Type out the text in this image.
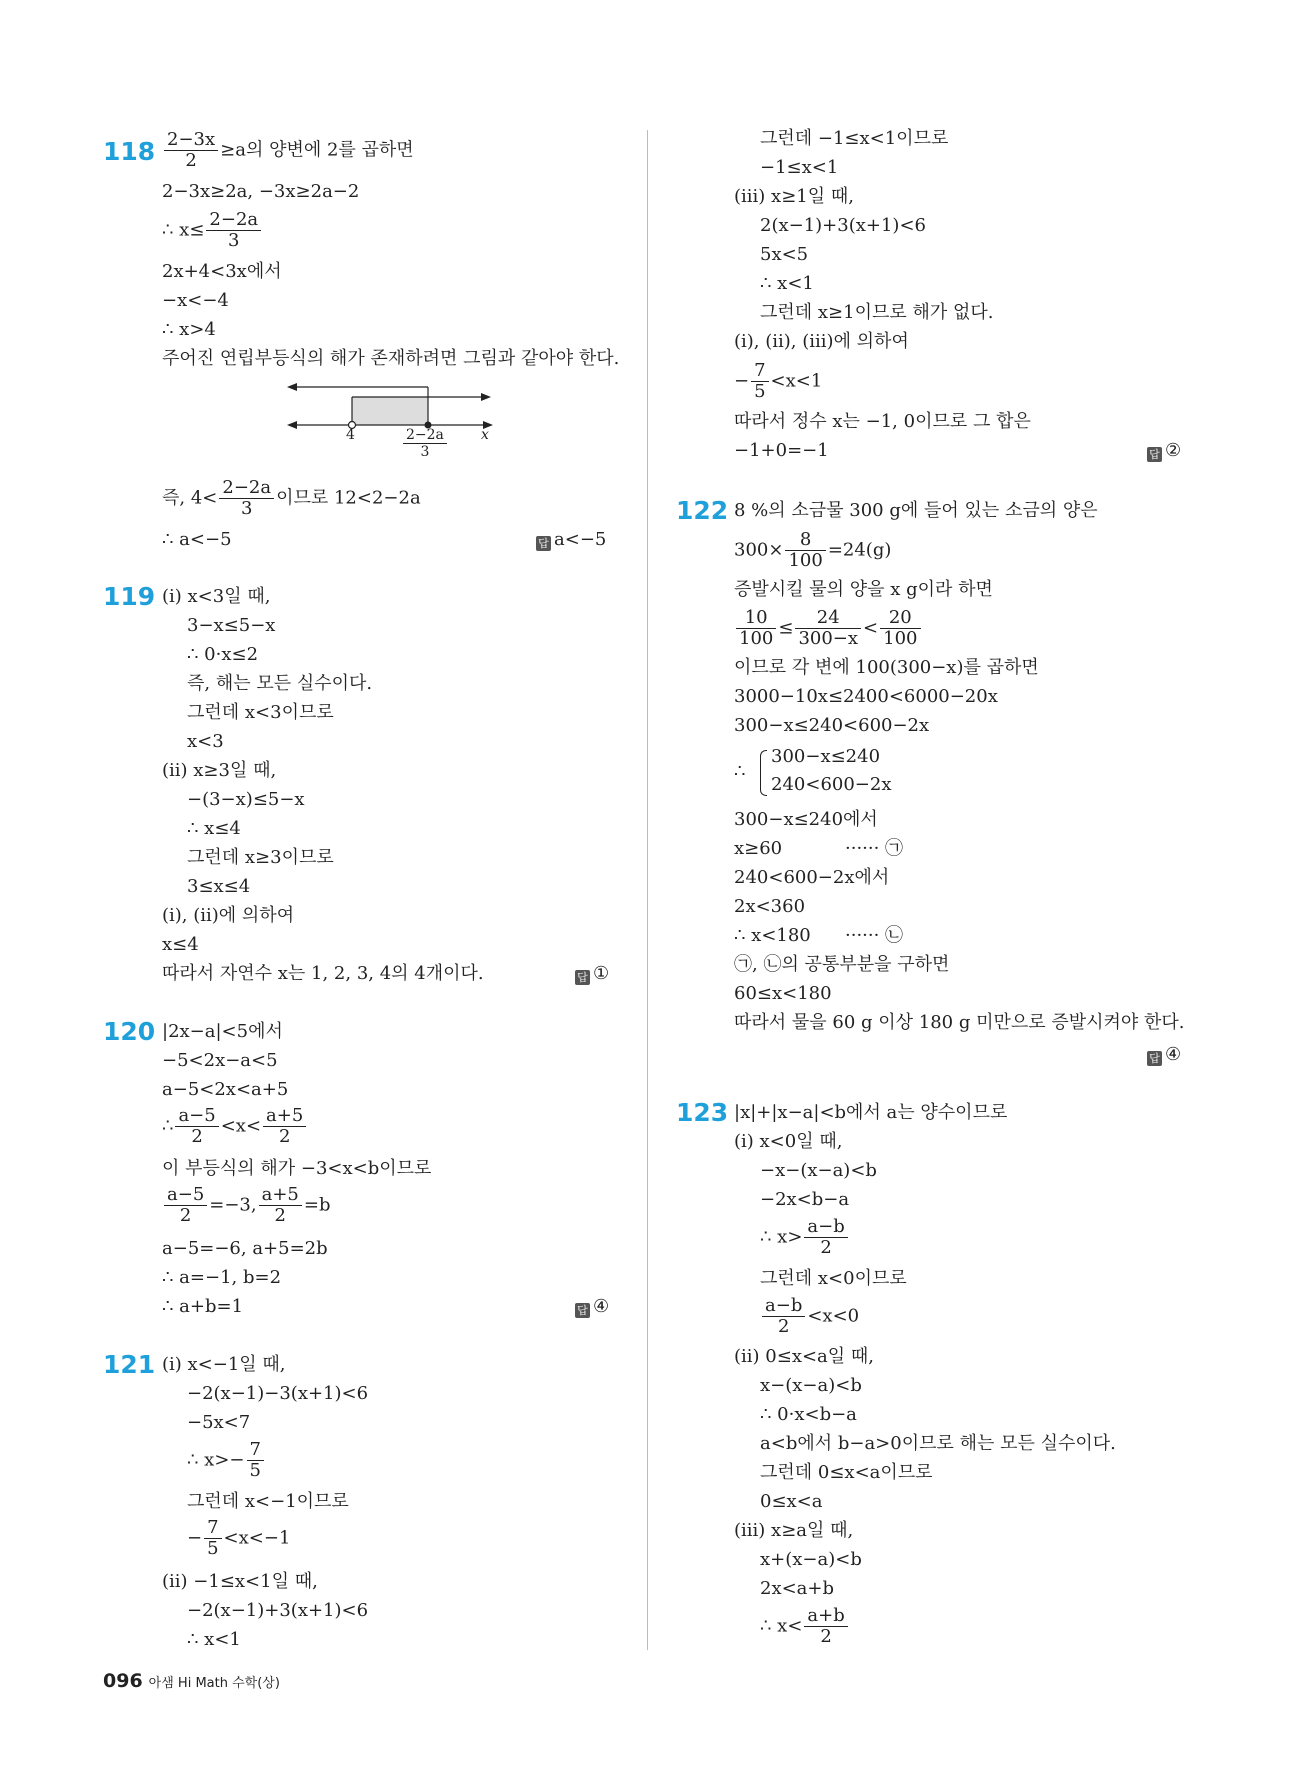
$118 \frac{2-3x}{2} \ge a$의 양변에 2를 곱하면
2−3x≥2a, −3x≥2a−2
∴ $x\le \frac{2-2a}{3}$
2x+4<3x에서
−x<−4
∴ x>4
주어진 연립부등식의 해가 존재하려면 그림과 같아야 한다.
4	$\frac{2-2a}{3}$ x
즉, $4< \frac{2-2a}{3}$ 이므로 12<2−2a
∴ a<−5	답 a<−5
119 (ⅰ) x<3일 때,
3−x≤5−x
∴ 0·x≤2
즉, 해는 모든 실수이다.
그런데 x<3이므로
x<3
(ⅱ) x≥3일 때,
−(3−x)≤5−x
∴ x≤4
그런데 x≥3이므로
3≤x≤4
(ⅰ), (ⅱ)에 의하여
x≤4
따라서 자연수 x는 1, 2, 3, 4의 4개이다.	답 ①
120 |2x−a|<5에서
−5<2x−a<5
a−5<2x<a+5
∴ $\frac{a-5}{2} <x< \frac{a+5}{2}$
이 부등식의 해가 −3<x<b이므로
$\frac{a-5}{2} =-3$, $\frac{a+5}{2} =b$
a−5=−6, a+5=2b
∴ a=−1, b=2
∴ a+b=1	답 ④
121 (ⅰ) x<−1일 때,
−2(x−1)−3(x+1)<6
−5x<7
∴ $x>- \frac{7}{5}$
그런데 x<−1이므로
− $\frac{7}{5} <x<-1$
(ⅱ) −1≤x<1일 때,
−2(x−1)+3(x+1)<6
∴ x<1
그런데 −1≤x<1이므로
−1≤x<1
(ⅲ) x≥1일 때,
2(x−1)+3(x+1)<6
5x<5
∴ x<1
그런데 x≥1이므로 해가 없다.
(ⅰ), (ⅱ), (ⅲ)에 의하여
− $\frac{7}{5} <x<1$
따라서 정수 x는 −1, 0이므로 그 합은
−1+0=−1	답 ②
122 8 %의 소금물 300 g에 들어 있는 소금의 양은
$300\times \frac{8}{100} =24(g)$
증발시킬 물의 양을 x g이라 하면
$\frac{10}{100} \le \frac{24}{300-x} < \frac{20}{100}$
이므로 각 변에 100(300−x)를 곱하면
3000−10x≤2400<6000−20x
300−x≤240<600−2x
∴
300−x≤240
240<600−2x
300−x≤240에서
x≥60	······ ㉠
240<600−2x에서
2x<360
∴ x<180 ······ ㉡
㉠, ㉡의 공통부분을 구하면
60≤x<180
따라서 물을 60 g 이상 180 g 미만으로 증발시켜야 한다.
답 ④
123 |x|+|x−a|<b에서 a는 양수이므로
(ⅰ) x<0일 때,
−x−(x−a)<b
−2x<b−a
∴ $x> \frac{a-b}{2}$
그런데 x<0이므로
$\frac{a-b}{2} <x<0$
(ⅱ) 0≤x<a일 때,
x−(x−a)<b
∴ 0·x<b−a
a<b에서 b−a>0이므로 해는 모든 실수이다.
그런데 0≤x<a이므로
0≤x<a
(ⅲ) x≥a일 때,
x+(x−a)<b
2x<a+b
∴ $x< \frac{a+b}{2}$
096 아샘 Hi Math 수학(상)
